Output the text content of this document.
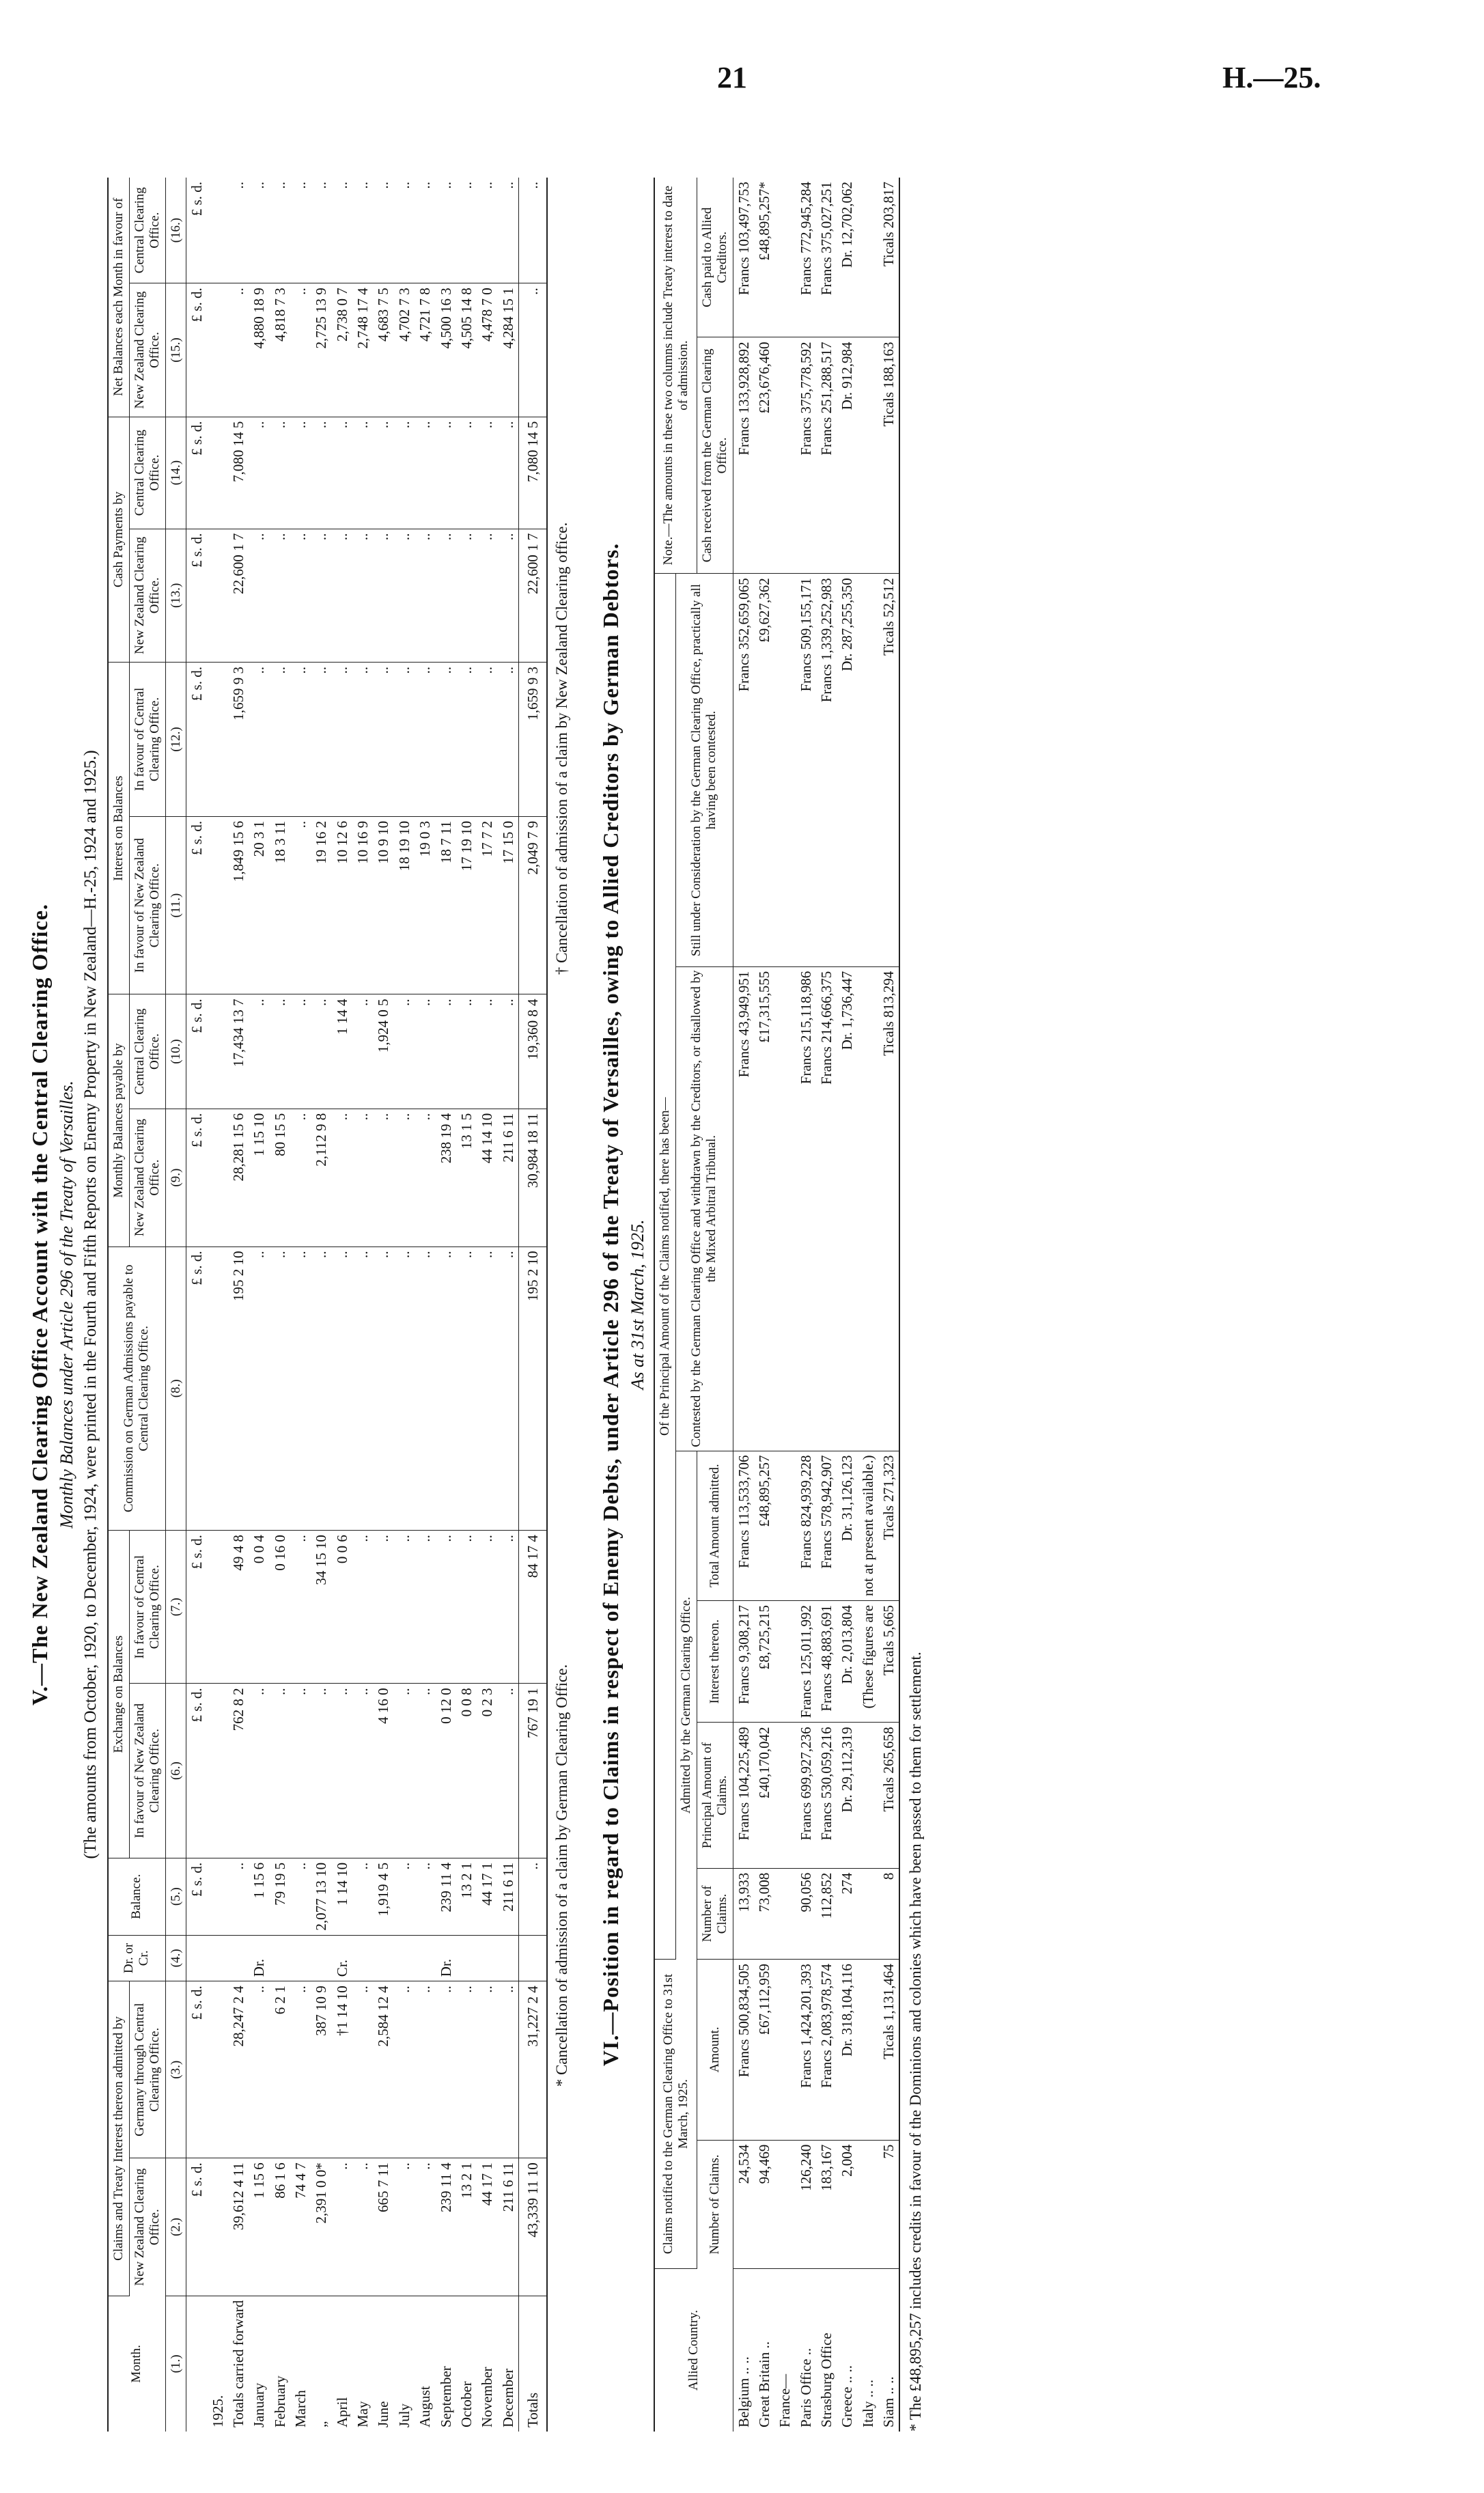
21	H.—25.

V.—The New Zealand Clearing Office Account with the Central Clearing Office. Monthly Balances under Article 296 of the Treaty of Versailles. (The amounts from October, 1920, to December, 1924, were printed in the Fourth and Fifth Reports on Enemy Property in New Zealand—H.-25, 1924 and 1925.)

Month.	Claims and Treaty Interest thereon admitted by		Dr. or Cr.	Balance.	Exchange on Balances		Commission on German Admissions payable to Central Clearing Office.	Monthly Balances payable by		Interest on Balances		Cash Payments by		Net Balances each Month in favour of	
	New Zealand Clearing Office.	Germany through Central Clearing Office.			In favour of New Zealand Clearing Office.	In favour of Central Clearing Office.		New Zealand Clearing Office.	Central Clearing Office.	In favour of New Zealand Clearing Office.	In favour of Central Clearing Office.	New Zealand Clearing Office.	Central Clearing Office.	New Zealand Clearing Office.	Central Clearing Office.
(1.)	(2.)	(3.)	(4.)	(5.)	(6.)	(7.)	(8.)	(9.)	(10.)	(11.)	(12.)	(13.)	(14.)	(15.)	(16.)
	£ s. d.	£ s. d.		£ s. d.	£ s. d.	£ s. d.	£ s. d.	£ s. d.	£ s. d.	£ s. d.	£ s. d.	£ s. d.	£ s. d.	£ s. d.	£ s. d.
1925.															
Totals carried forward	39,612 4 11	28,247 2 4		..	762 8 2	49 4 8	195 2 10	28,281 15 6	17,434 13 7	1,849 15 6	1,659 9 3	22,600 1 7	7,080 14 5	..	..
January	1 15 6	..	Dr.	1 15 6	..	0 0 4	..	1 15 10	..	20 3 1	..	..	..	4,880 18 9	..
February	86 1 6	6 2 1		79 19 5	..	0 16 0	..	80 15 5	..	18 3 11	..	..	..	4,818 7 3	..
March	74 4 7	..		..	..	..	..	..	..	..	..	..	..	..	..
„	2,391 0 0*	387 10 9		2,077 13 10	..	34 15 10	..	2,112 9 8	..	19 16 2	..	..	..	2,725 13 9	..
April	..	†1 14 10	Cr.	1 14 10	..	0 0 6	..	..	1 14 4	10 12 6	..	..	..	2,738 0 7	..
May	..	..		..	..	..	..	..	..	10 16 9	..	..	..	2,748 17 4	..
June	665 7 11	2,584 12 4		1,919 4 5	4 16 0	..	..	..	1,924 0 5	10 9 10	..	..	..	4,683 7 5	..
July	..	..		..	..	..	..	..	..	18 19 10	..	..	..	4,702 7 3	..
August	..	..		..	..	..	..	..	..	19 0 3	..	..	..	4,721 7 8	..
September	239 11 4	..	Dr.	239 11 4	0 12 0	..	..	238 19 4	..	18 7 11	..	..	..	4,500 16 3	..
October	13 2 1	..		13 2 1	0 0 8	..	..	13 1 5	..	17 19 10	..	..	..	4,505 14 8	..
November	44 17 1	..		44 17 1	0 2 3	..	..	44 14 10	..	17 7 2	..	..	..	4,478 7 0	..
December	211 6 11	..		211 6 11	..	..	..	211 6 11	..	17 15 0	..	..	..	4,284 15 1	..
Totals	43,339 11 10	31,227 2 4		..	767 19 1	84 17 4	195 2 10	30,984 18 11	19,360 8 4	2,049 7 9	1,659 9 3	22,600 1 7	7,080 14 5	..	..
* Cancellation of admission of a claim by German Clearing Office.
† Cancellation of admission of a claim by New Zealand Clearing office. VI.—Position in regard to Claims in respect of Enemy Debts, under Article 296 of the Treaty of Versailles, owing to Allied Creditors by German Debtors. As at 31st March, 1925.

Allied Country.	Claims notified to the German Clearing Office to 31st March, 1925.		Of the Principal Amount of the Claims notified, there has been—						Note.—The amounts in these two columns include Treaty interest to date of admission.	
			Admitted by the German Clearing Office.				Contested by the German Clearing Office and withdrawn by the Creditors, or disallowed by the Mixed Arbitral Tribunal.	Still under Consideration by the German Clearing Office, practically all having been contested.		
	Number of Claims.	Amount.	Number of Claims.	Principal Amount of Claims.	Interest thereon.	Total Amount admitted.			Cash received from the German Clearing Office.	Cash paid to Allied Creditors.
Belgium .. ..	24,534	Francs 500,834,505	13,933	Francs 104,225,489	Francs 9,308,217	Francs 113,533,706	Francs 43,949,951	Francs 352,659,065	Francs 133,928,892	Francs 103,497,753
Great Britain ..	94,469	£67,112,959	73,008	£40,170,042	£8,725,215	£48,895,257	£17,315,555	£9,627,362	£23,676,460	£48,895,257*
France—										
Paris Office ..	126,240	Francs 1,424,201,393	90,056	Francs 699,927,236	Francs 125,011,992	Francs 824,939,228	Francs 215,118,986	Francs 509,155,171	Francs 375,778,592	Francs 772,945,284
Strasburg Office	183,167	Francs 2,083,978,574	112,852	Francs 530,059,216	Francs 48,883,691	Francs 578,942,907	Francs 214,666,375	Francs 1,339,252,983	Francs 251,288,517	Francs 375,027,251
Greece .. ..	2,004	Dr. 318,104,116	274	Dr. 29,112,319	Dr. 2,013,804	Dr. 31,126,123	Dr. 1,736,447	Dr. 287,255,350	Dr. 912,984	Dr. 12,702,062
Italy .. ..					(These figures are	not at present available.)				
Siam .. ..	75	Ticals 1,131,464	8	Ticals 265,658	Ticals 5,665	Ticals 271,323	Ticals 813,294	Ticals 52,512	Ticals 188,163	Ticals 203,817

* The £48,895,257 includes credits in favour of the Dominions and colonies which have been passed to them for settlement.
